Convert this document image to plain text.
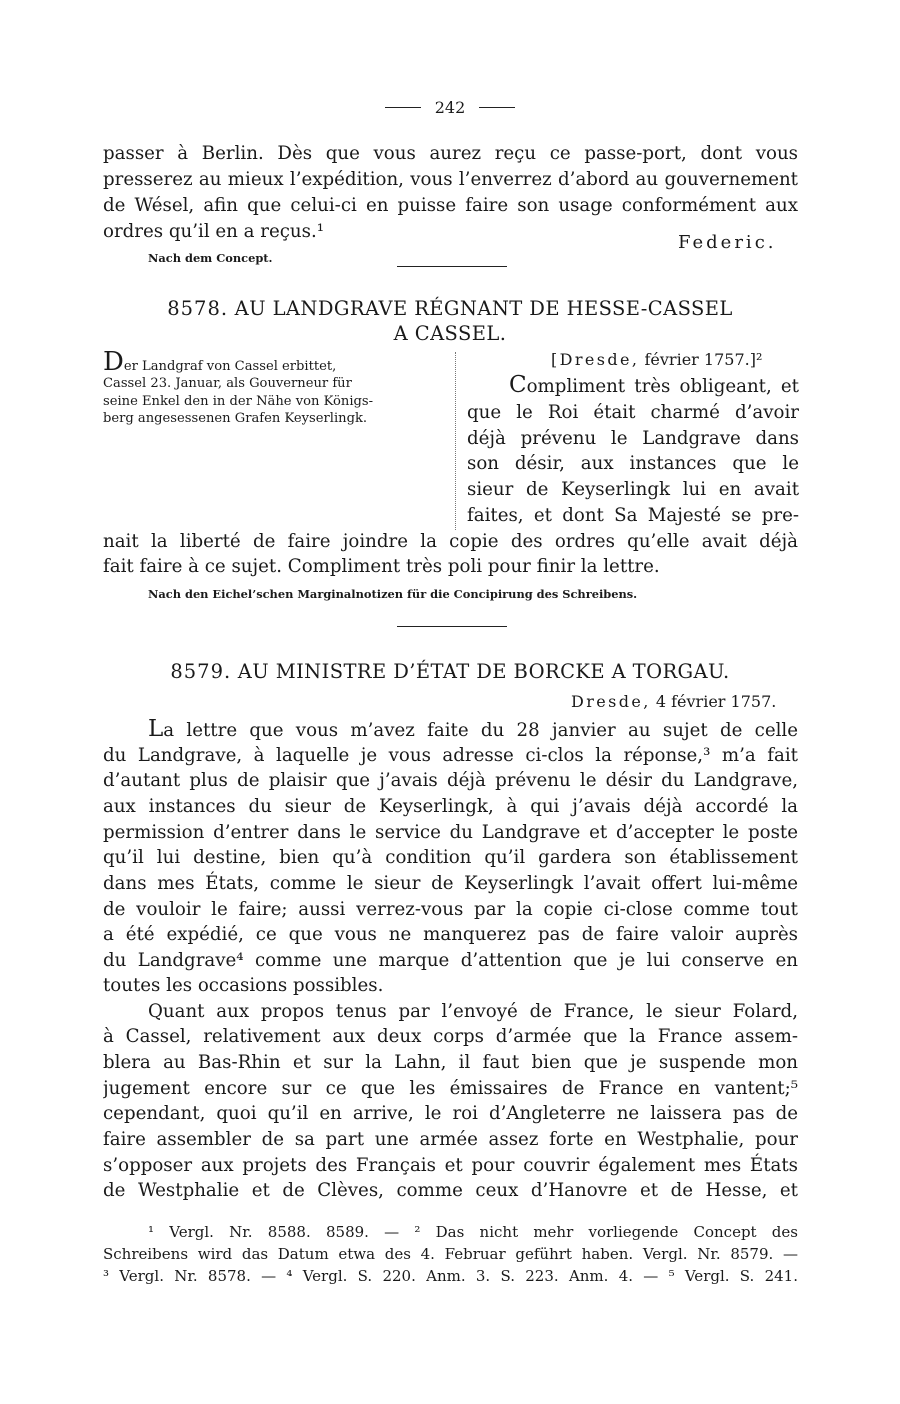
242
passer à Berlin. Dès que vous aurez reçu ce passe-port, dont vous
presserez au mieux l’expédition, vous l’enverrez d’abord au gouvernement
de Wésel, afin que celui-ci en puisse faire son usage conformément aux
ordres qu’il en a reçus.¹
Federic.
Nach dem Concept.
8578. AU LANDGRAVE RÉGNANT DE HESSE-CASSEL
A CASSEL.
Der Landgraf von Cassel erbittet,
Cassel 23. Januar, als Gouverneur für
seine Enkel den in der Nähe von Königs-
berg angesessenen Grafen Keyserlingk.
[Dresde, février 1757.]²
Compliment très obligeant, et
que le Roi était charmé d’avoir
déjà prévenu le Landgrave dans
son désir, aux instances que le
sieur de Keyserlingk lui en avait
faites, et dont Sa Majesté se pre-
nait la liberté de faire joindre la copie des ordres qu’elle avait déjà
fait faire à ce sujet. Compliment très poli pour finir la lettre.
Nach den Eichel’schen Marginalnotizen für die Concipirung des Schreibens.
8579. AU MINISTRE D’ÉTAT DE BORCKE A TORGAU.
Dresde, 4 février 1757.
La lettre que vous m’avez faite du 28 janvier au sujet de celle
du Landgrave, à laquelle je vous adresse ci-clos la réponse,³ m’a fait
d’autant plus de plaisir que j’avais déjà prévenu le désir du Landgrave,
aux instances du sieur de Keyserlingk, à qui j’avais déjà accordé la
permission d’entrer dans le service du Landgrave et d’accepter le poste
qu’il lui destine, bien qu’à condition qu’il gardera son établissement
dans mes États, comme le sieur de Keyserlingk l’avait offert lui-même
de vouloir le faire; aussi verrez-vous par la copie ci-close comme tout
a été expédié, ce que vous ne manquerez pas de faire valoir auprès
du Landgrave⁴ comme une marque d’attention que je lui conserve en
toutes les occasions possibles.
Quant aux propos tenus par l’envoyé de France, le sieur Folard,
à Cassel, relativement aux deux corps d’armée que la France assem-
blera au Bas-Rhin et sur la Lahn, il faut bien que je suspende mon
jugement encore sur ce que les émissaires de France en vantent;⁵
cependant, quoi qu’il en arrive, le roi d’Angleterre ne laissera pas de
faire assembler de sa part une armée assez forte en Westphalie, pour
s’opposer aux projets des Français et pour couvrir également mes États
de Westphalie et de Clèves, comme ceux d’Hanovre et de Hesse, et
¹ Vergl. Nr. 8588. 8589. — ² Das nicht mehr vorliegende Concept des
Schreibens wird das Datum etwa des 4. Februar geführt haben. Vergl. Nr. 8579. —
³ Vergl. Nr. 8578. — ⁴ Vergl. S. 220. Anm. 3. S. 223. Anm. 4. — ⁵ Vergl. S. 241.
